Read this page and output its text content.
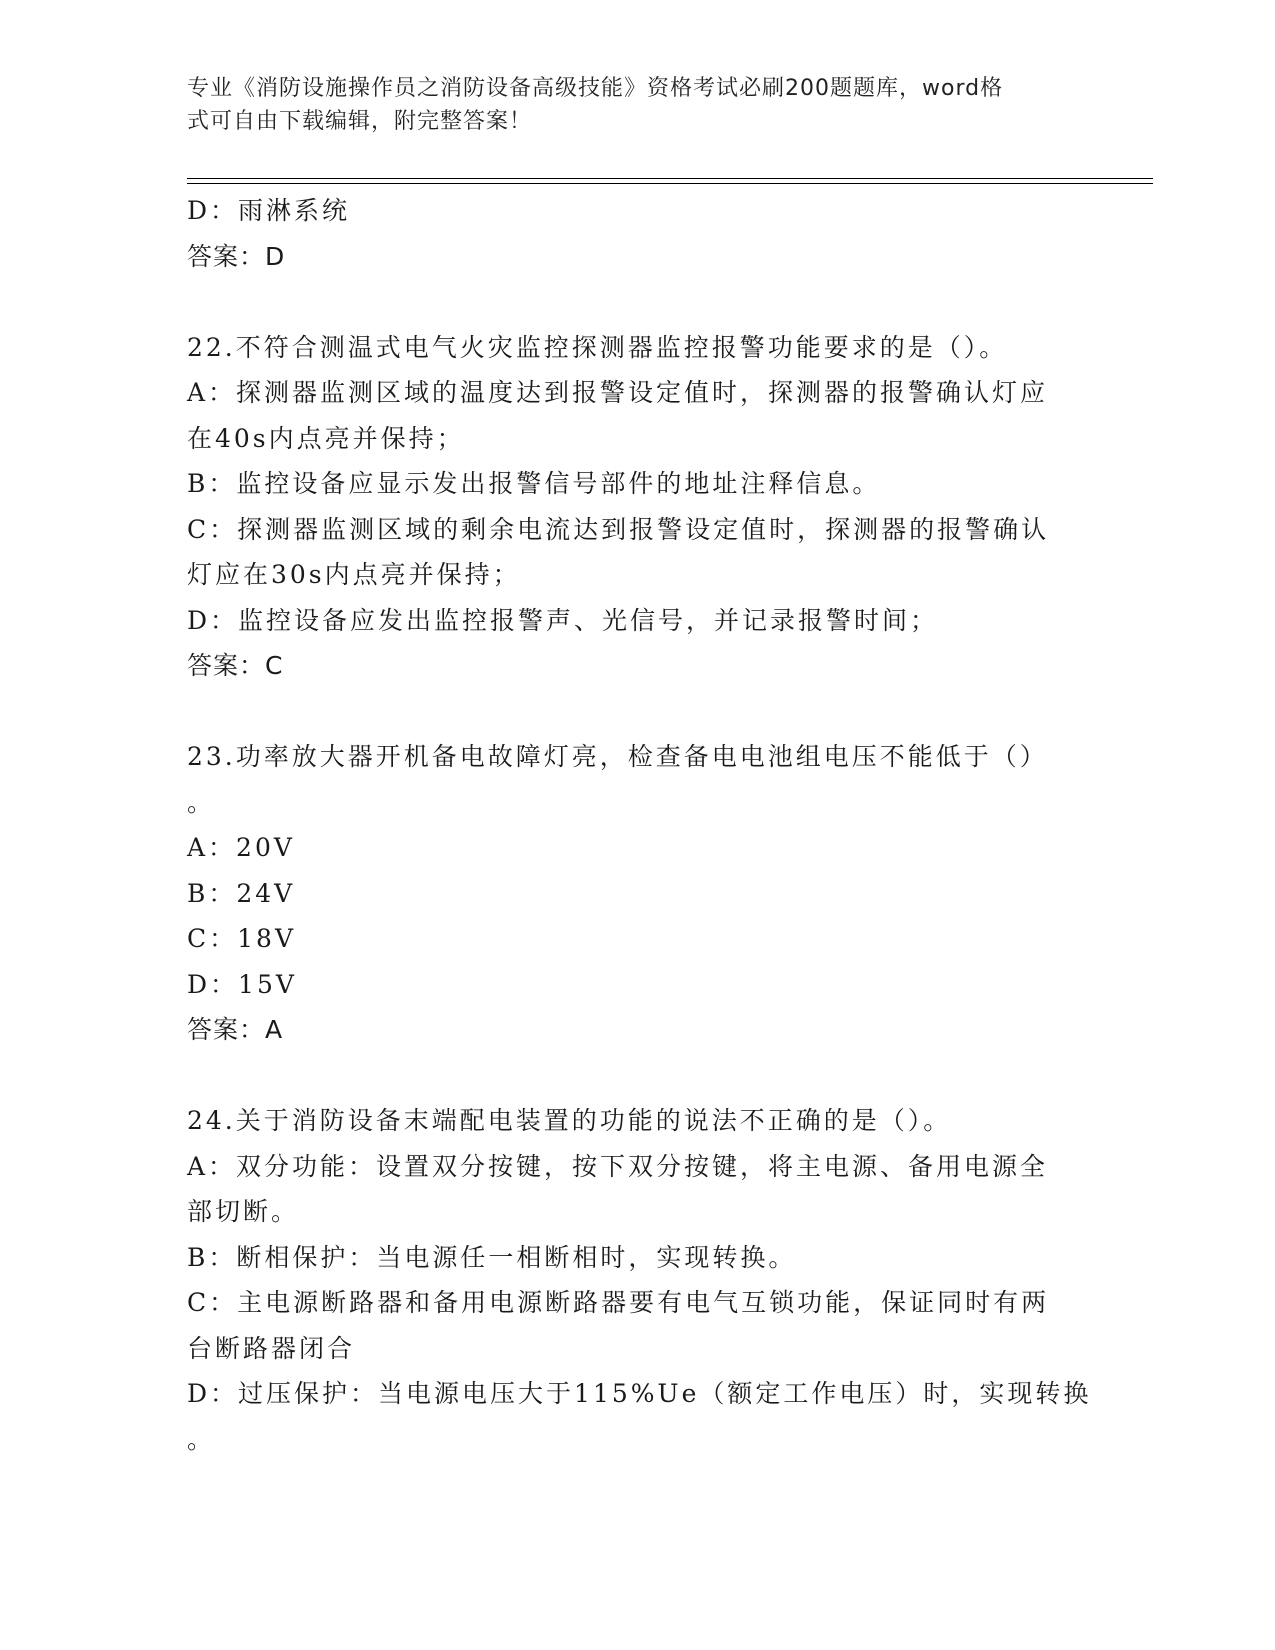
专业《消防设施操作员之消防设备高级技能》资格考试必刷200题题库，word格
式可自由下载编辑，附完整答案！
D：雨淋系统
答案：D
22.不符合测温式电气火灾监控探测器监控报警功能要求的是（）。
A：探测器监测区域的温度达到报警设定值时，探测器的报警确认灯应
在40s内点亮并保持；
B：监控设备应显示发出报警信号部件的地址注释信息。
C：探测器监测区域的剩余电流达到报警设定值时，探测器的报警确认
灯应在30s内点亮并保持；
D：监控设备应发出监控报警声、光信号，并记录报警时间；
答案：C
23.功率放大器开机备电故障灯亮，检查备电电池组电压不能低于（）
。
A：20V
B：24V
C：18V
D：15V
答案：A
24.关于消防设备末端配电装置的功能的说法不正确的是（）。
A：双分功能：设置双分按键，按下双分按键，将主电源、备用电源全
部切断。
B：断相保护：当电源任一相断相时，实现转换。
C：主电源断路器和备用电源断路器要有电气互锁功能，保证同时有两
台断路器闭合
D：过压保护：当电源电压大于115%Ue（额定工作电压）时，实现转换
。
